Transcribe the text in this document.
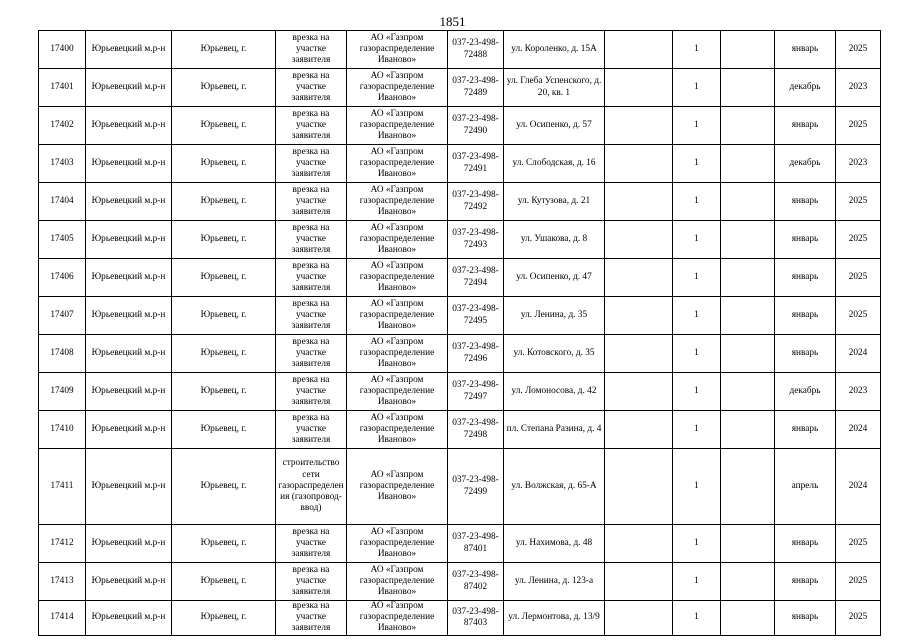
1851
17400	Юрьевецкий м.р-н	Юрьевец, г.	врезка на участке заявителя	АО «Газпром газораспределение Иваново»	037-23-498-72488	ул. Короленко, д. 15А		1		январь	2025
17401	Юрьевецкий м.р-н	Юрьевец, г.	врезка на участке заявителя	АО «Газпром газораспределение Иваново»	037-23-498-72489	ул. Глеба Успенского, д. 20, кв. 1		1		декабрь	2023
17402	Юрьевецкий м.р-н	Юрьевец, г.	врезка на участке заявителя	АО «Газпром газораспределение Иваново»	037-23-498-72490	ул. Осипенко, д. 57		1		январь	2025
17403	Юрьевецкий м.р-н	Юрьевец, г.	врезка на участке заявителя	АО «Газпром газораспределение Иваново»	037-23-498-72491	ул. Слободская, д. 16		1		декабрь	2023
17404	Юрьевецкий м.р-н	Юрьевец, г.	врезка на участке заявителя	АО «Газпром газораспределение Иваново»	037-23-498-72492	ул. Кутузова, д. 21		1		январь	2025
17405	Юрьевецкий м.р-н	Юрьевец, г.	врезка на участке заявителя	АО «Газпром газораспределение Иваново»	037-23-498-72493	ул. Ушакова, д. 8		1		январь	2025
17406	Юрьевецкий м.р-н	Юрьевец, г.	врезка на участке заявителя	АО «Газпром газораспределение Иваново»	037-23-498-72494	ул. Осипенко, д. 47		1		январь	2025
17407	Юрьевецкий м.р-н	Юрьевец, г.	врезка на участке заявителя	АО «Газпром газораспределение Иваново»	037-23-498-72495	ул. Ленина, д. 35		1		январь	2025
17408	Юрьевецкий м.р-н	Юрьевец, г.	врезка на участке заявителя	АО «Газпром газораспределение Иваново»	037-23-498-72496	ул. Котовского, д. 35		1		январь	2024
17409	Юрьевецкий м.р-н	Юрьевец, г.	врезка на участке заявителя	АО «Газпром газораспределение Иваново»	037-23-498-72497	ул. Ломоносова, д. 42		1		декабрь	2023
17410	Юрьевецкий м.р-н	Юрьевец, г.	врезка на участке заявителя	АО «Газпром газораспределение Иваново»	037-23-498-72498	пл. Степана Разина, д. 4		1		январь	2024
17411	Юрьевецкий м.р-н	Юрьевец, г.	строительство сети газораспределения (газопровод-ввод)	АО «Газпром газораспределение Иваново»	037-23-498-72499	ул. Волжская, д. 65-А		1		апрель	2024
17412	Юрьевецкий м.р-н	Юрьевец, г.	врезка на участке заявителя	АО «Газпром газораспределение Иваново»	037-23-498-87401	ул. Нахимова, д. 48		1		январь	2025
17413	Юрьевецкий м.р-н	Юрьевец, г.	врезка на участке заявителя	АО «Газпром газораспределение Иваново»	037-23-498-87402	ул. Ленина, д. 123-а		1		январь	2025
17414	Юрьевецкий м.р-н	Юрьевец, г.	врезка на участке заявителя	АО «Газпром газораспределение Иваново»	037-23-498-87403	ул. Лермонтова, д. 13/9		1		январь	2025
